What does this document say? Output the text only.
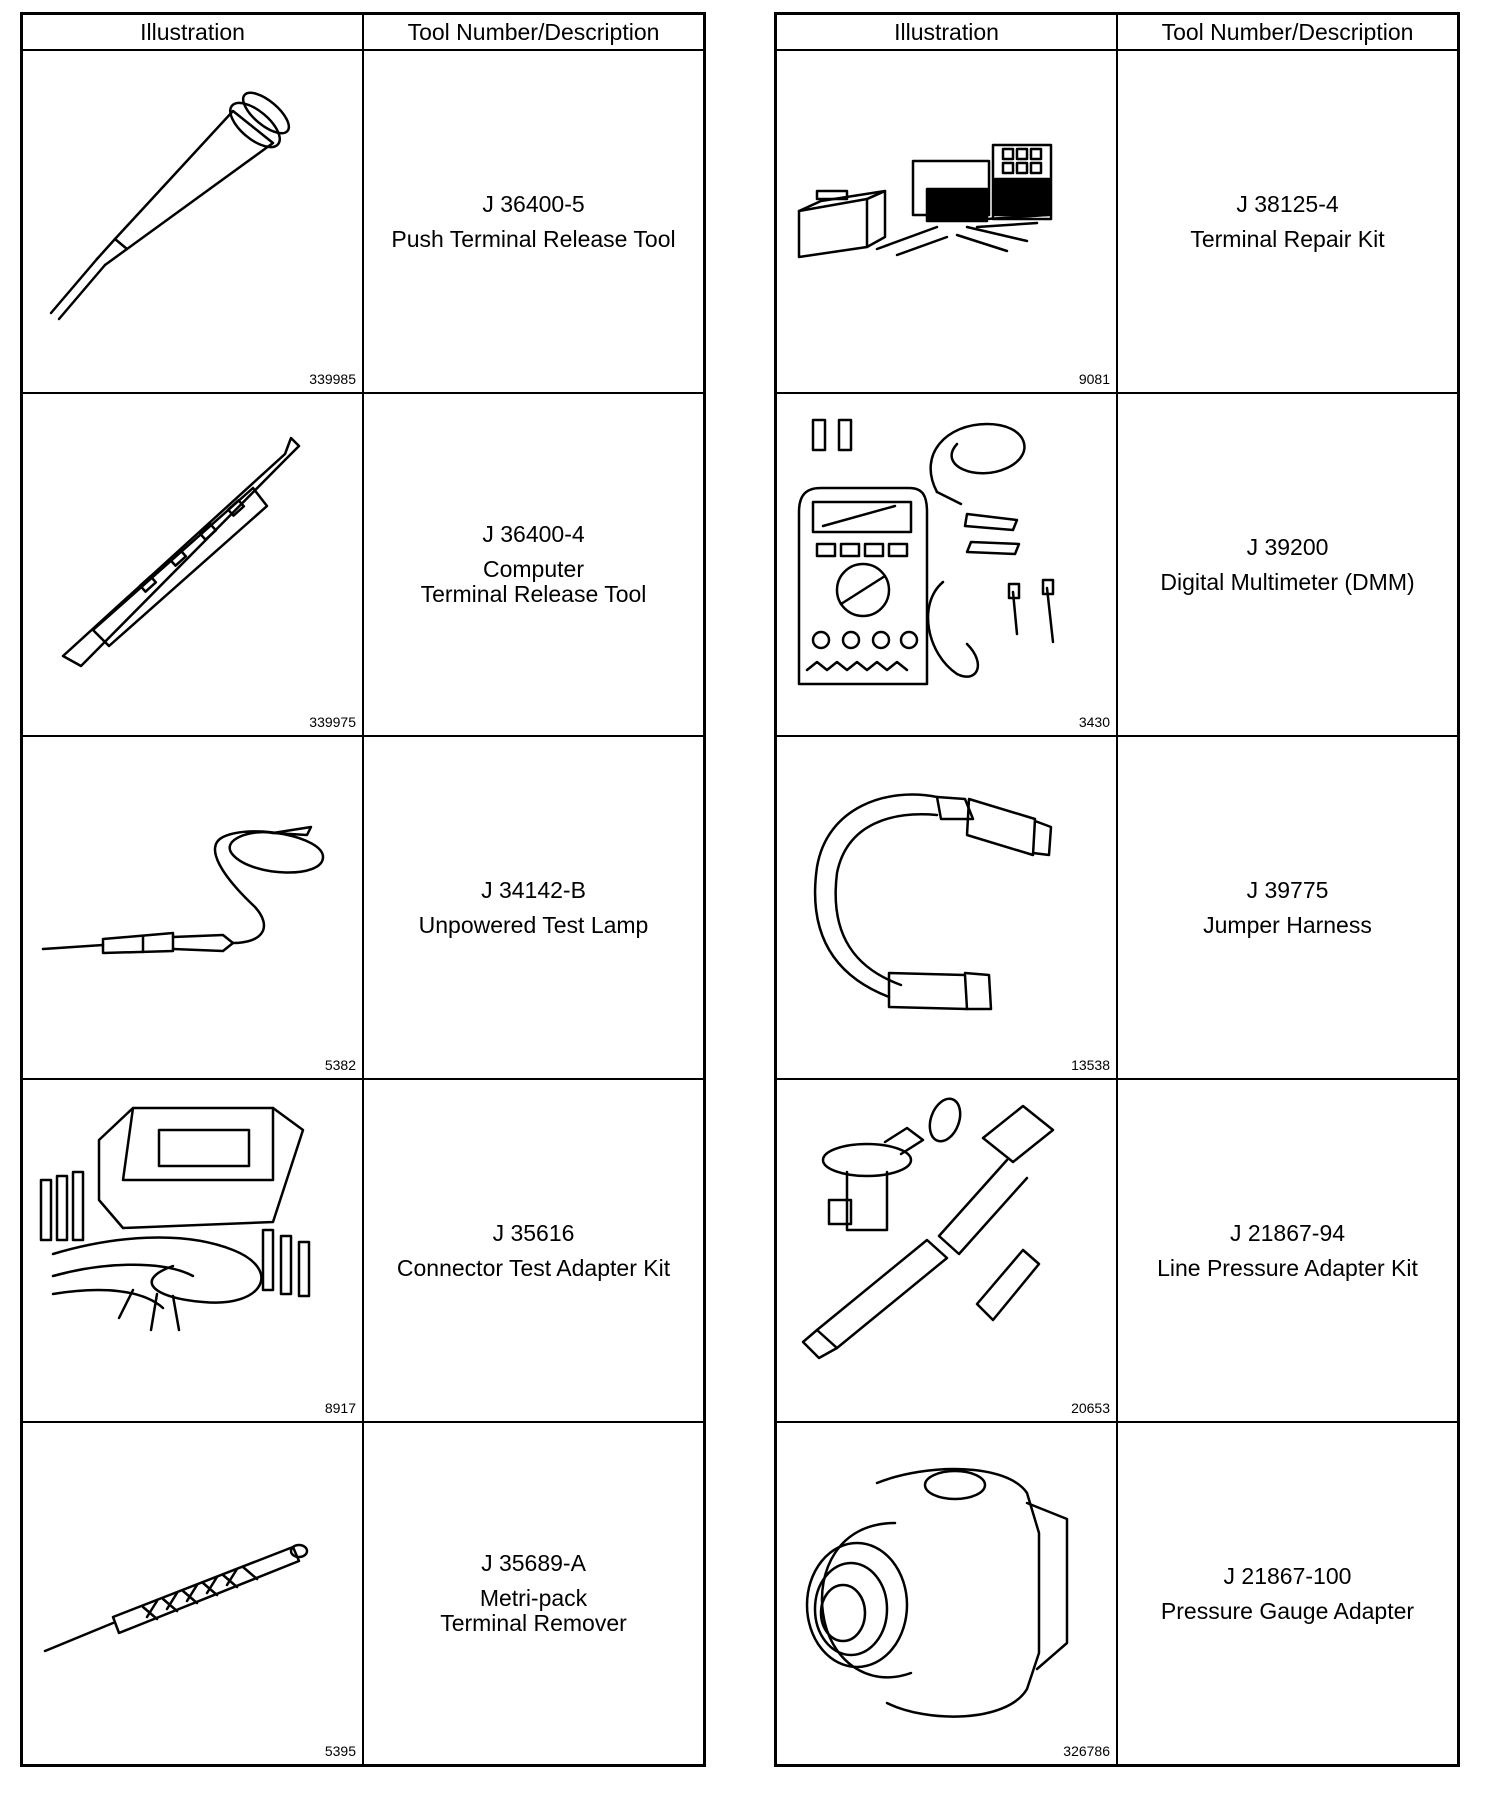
Illustration	Tool Number/Description

339985	J 36400-5
Push Terminal Release Tool

339975	J 36400-4
Computer
Terminal Release Tool

5382	J 34142-B
Unpowered Test Lamp

8917	J 35616
Connector Test Adapter Kit

5395	J 35689-A
Metri-pack
Terminal Remover
Illustration	Tool Number/Description

9081	J 38125-4
Terminal Repair Kit

3430	J 39200
Digital Multimeter (DMM)

13538	J 39775
Jumper Harness

20653	J 21867-94
Line Pressure Adapter Kit

326786	J 21867-100
Pressure Gauge Adapter
